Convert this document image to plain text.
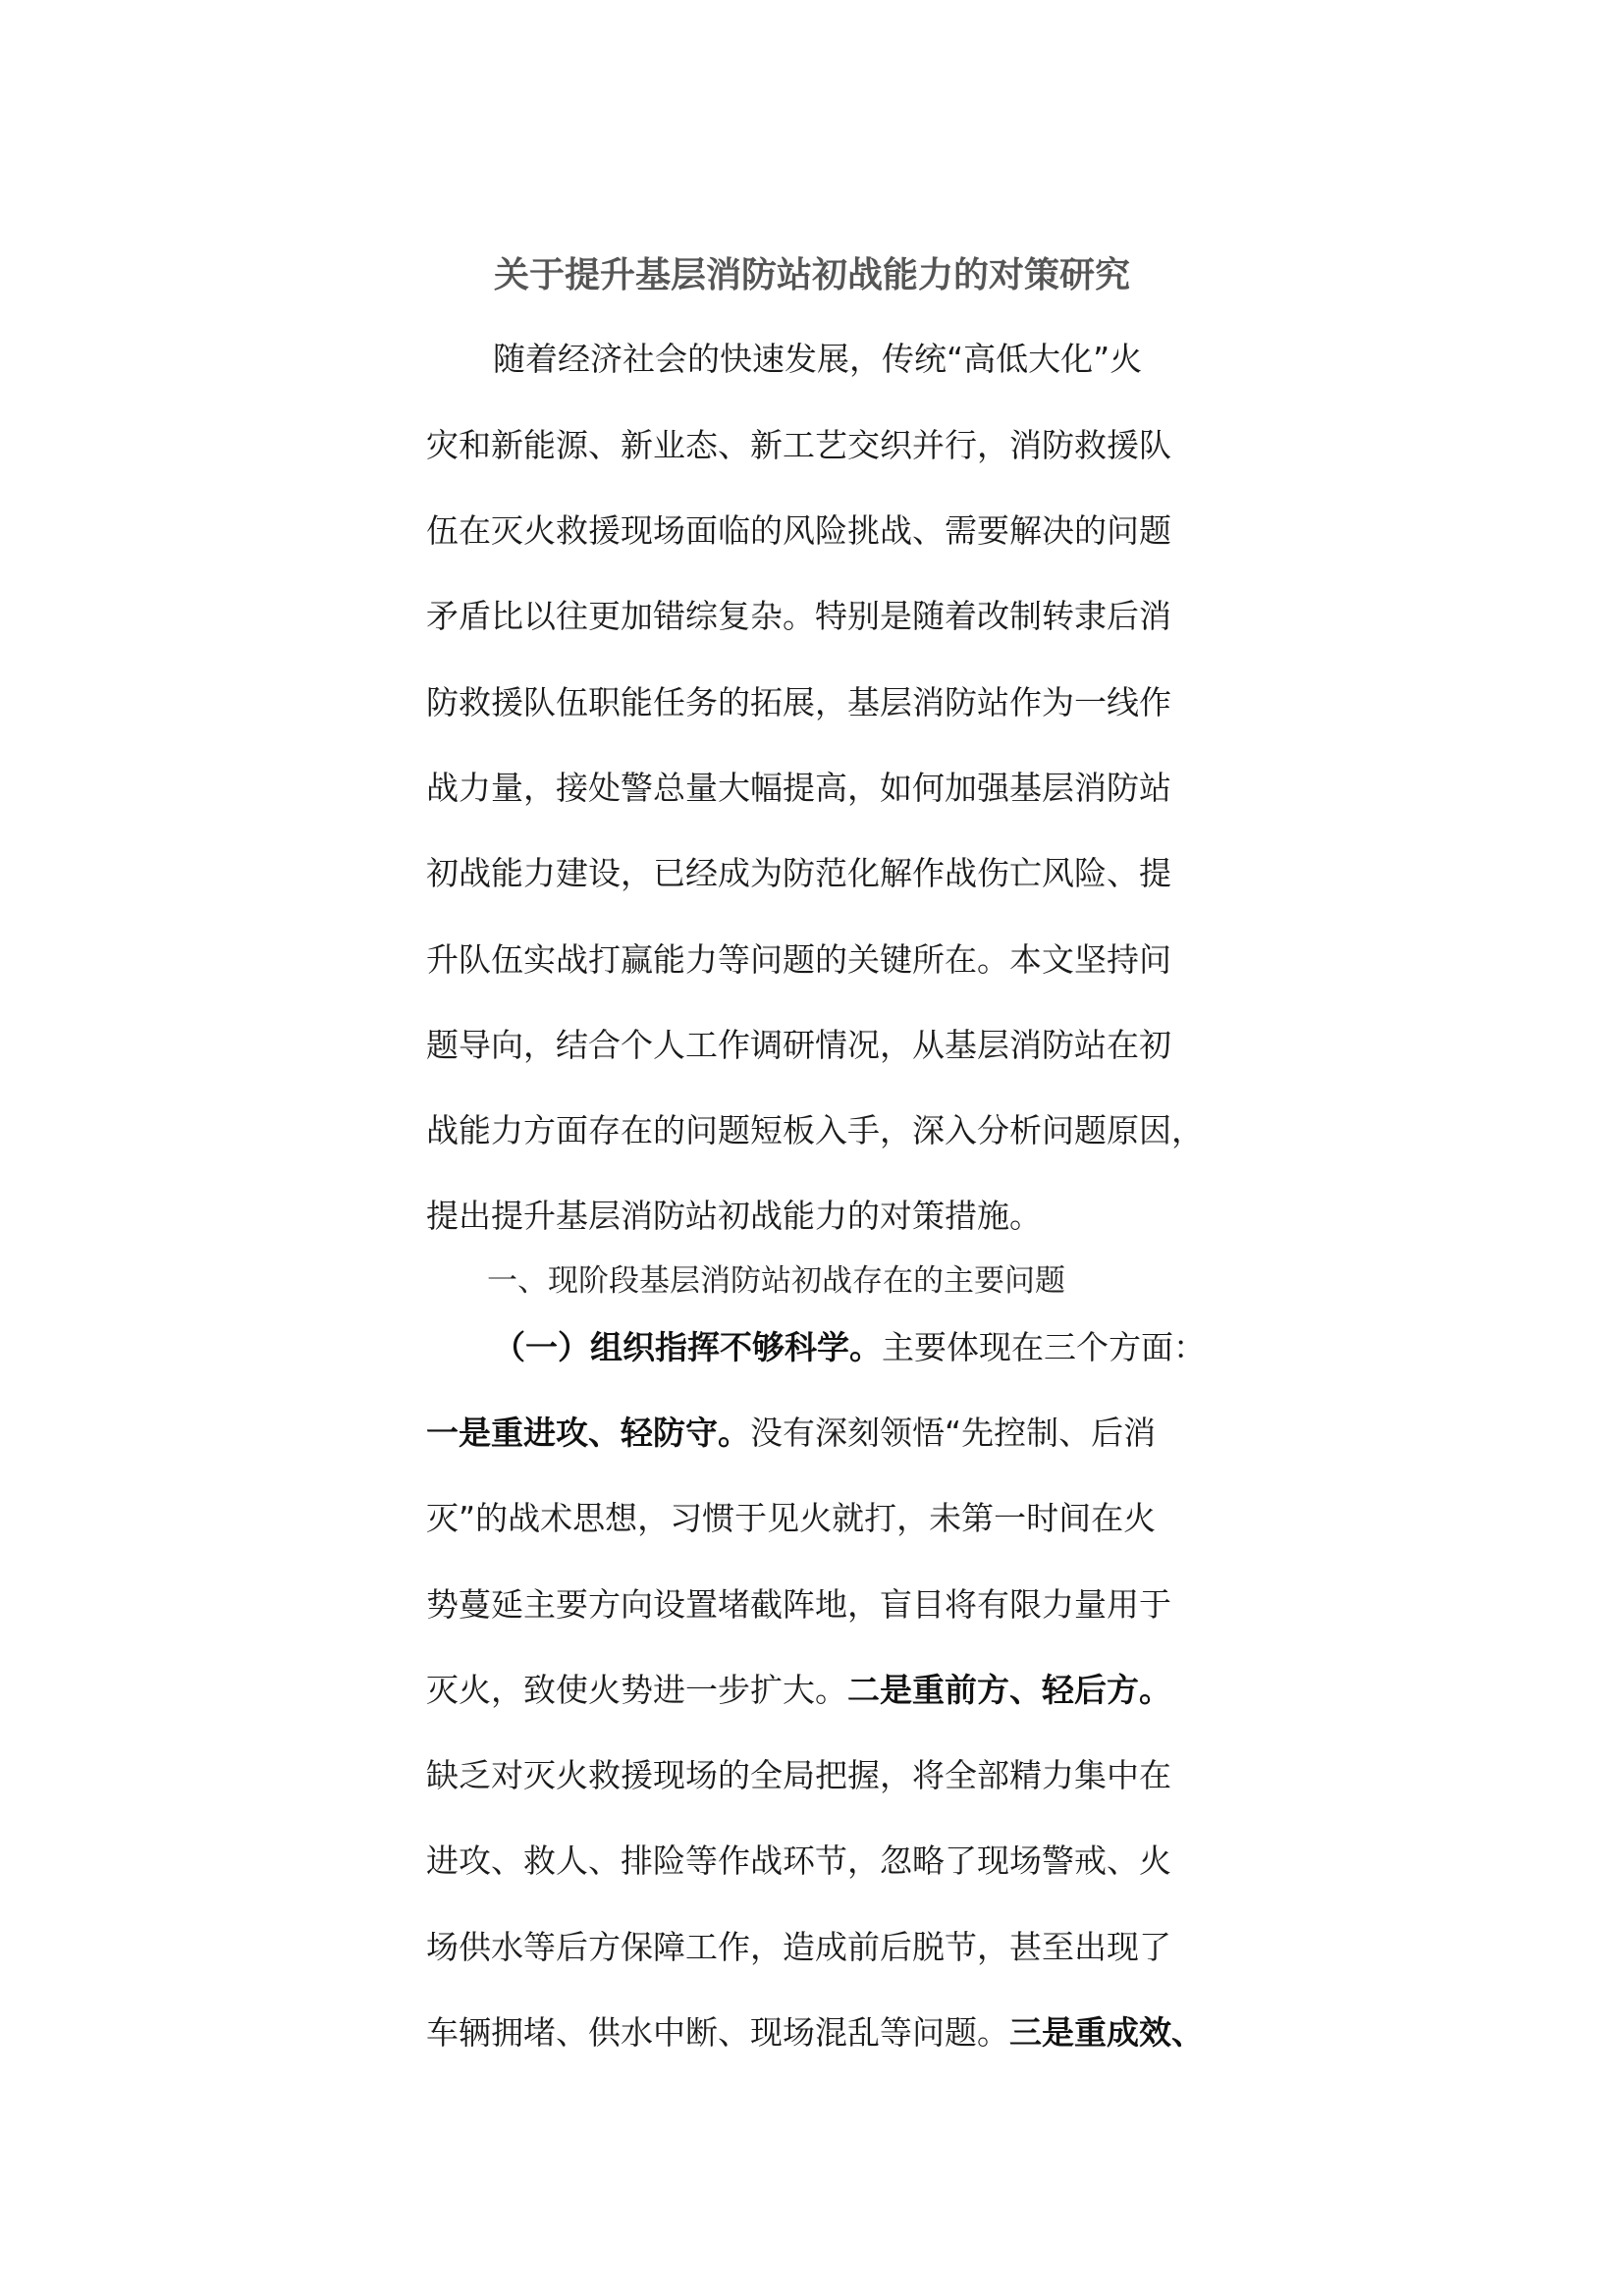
关于提升基层消防站初战能力的对策研究
随着经济社会的快速发展，传统“高低大化”火
灾和新能源、新业态、新工艺交织并行，消防救援队
伍在灭火救援现场面临的风险挑战、需要解决的问题
矛盾比以往更加错综复杂。特别是随着改制转隶后消
防救援队伍职能任务的拓展，基层消防站作为一线作
战力量，接处警总量大幅提高，如何加强基层消防站
初战能力建设，已经成为防范化解作战伤亡风险、提
升队伍实战打赢能力等问题的关键所在。本文坚持问
题导向，结合个人工作调研情况，从基层消防站在初
战能力方面存在的问题短板入手，深入分析问题原因，
提出提升基层消防站初战能力的对策措施。
一、现阶段基层消防站初战存在的主要问题
（一）组织指挥不够科学。主要体现在三个方面：
一是重进攻、轻防守。没有深刻领悟“先控制、后消
灭”的战术思想，习惯于见火就打，未第一时间在火
势蔓延主要方向设置堵截阵地，盲目将有限力量用于
灭火，致使火势进一步扩大。二是重前方、轻后方。
缺乏对灭火救援现场的全局把握，将全部精力集中在
进攻、救人、排险等作战环节，忽略了现场警戒、火
场供水等后方保障工作，造成前后脱节，甚至出现了
车辆拥堵、供水中断、现场混乱等问题。三是重成效、
